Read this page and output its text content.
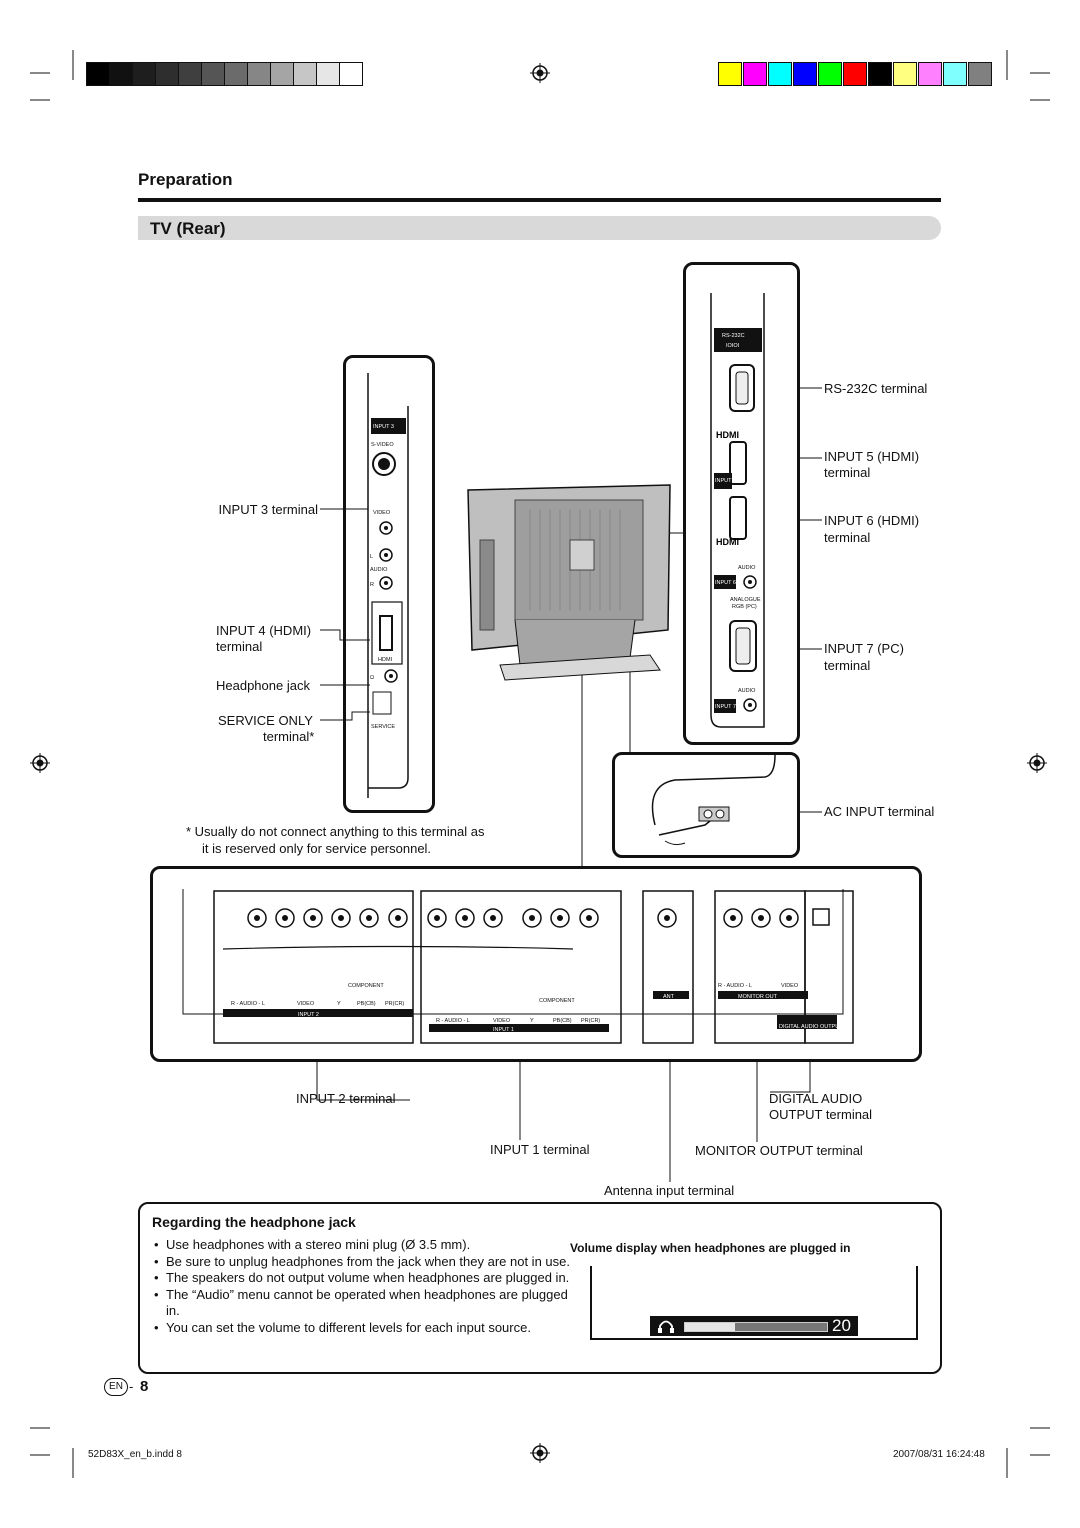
Preparation
TV (Rear)
INPUT 3
S-VIDEO
VIDEO
L
AUDIO
R
HDMI
Ω
SERVICE
INPUT 3 terminal
INPUT 4 (HDMI)
terminal
Headphone jack
SERVICE ONLY
terminal*
RS-232C
IOIOI
HDMI
INPUT 5
HDMI
AUDIO
INPUT 6
ANALOGUE
RGB (PC)
AUDIO
INPUT 7
RS-232C terminal
INPUT 5 (HDMI)
terminal
INPUT 6 (HDMI)
terminal
INPUT 7 (PC)
terminal
AC INPUT terminal
* Usually do not connect anything to this terminal as
it is reserved only for service personnel.
COMPONENT
R - AUDIO - L	VIDEO	Y	PB(CB) PR(CR)
INPUT 2
COMPONENT
R - AUDIO - L	VIDEO	Y	PB(CB) PR(CR)
INPUT 1
ANT
R - AUDIO - L	VIDEO
MONITOR OUT
DIGITAL AUDIO OUTPUT
INPUT 2 terminal
INPUT 1 terminal
DIGITAL AUDIO
OUTPUT terminal
MONITOR OUTPUT terminal
Antenna input terminal
Regarding the headphone jack
• Use headphones with a stereo mini plug (Ø 3.5 mm).
• Be sure to unplug headphones from the jack when they are not in use.
• The speakers do not output volume when headphones are plugged in.
• The “Audio” menu cannot be operated when headphones are plugged in.
• You can set the volume to different levels for each input source.
Volume display when headphones are plugged in
20
EN - 8
52D83X_en_b.indd 8	2007/08/31 16:24:48
